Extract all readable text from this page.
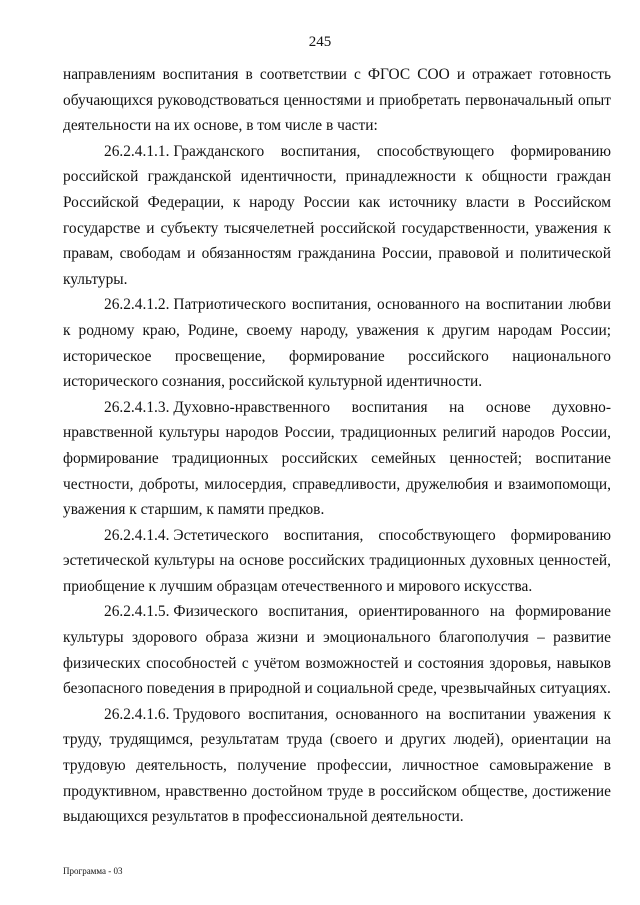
245

направлениям воспитания в соответствии с ФГОС СОО и отражает готовность обучающихся руководствоваться ценностями и приобретать первоначальный опыт деятельности на их основе, в том числе в части:

26.2.4.1.1. Гражданского воспитания, способствующего формированию российской гражданской идентичности, принадлежности к общности граждан Российской Федерации, к народу России как источнику власти в Российском государстве и субъекту тысячелетней российской государственности, уважения к правам, свободам и обязанностям гражданина России, правовой и политической культуры.

26.2.4.1.2. Патриотического воспитания, основанного на воспитании любви к родному краю, Родине, своему народу, уважения к другим народам России; историческое просвещение, формирование российского национального исторического сознания, российской культурной идентичности.

26.2.4.1.3. Духовно-нравственного воспитания на основе духовно-нравственной культуры народов России, традиционных религий народов России, формирование традиционных российских семейных ценностей; воспитание честности, доброты, милосердия, справедливости, дружелюбия и взаимопомощи, уважения к старшим, к памяти предков.

26.2.4.1.4. Эстетического воспитания, способствующего формированию эстетической культуры на основе российских традиционных духовных ценностей, приобщение к лучшим образцам отечественного и мирового искусства.

26.2.4.1.5. Физического воспитания, ориентированного на формирование культуры здорового образа жизни и эмоционального благополучия – развитие физических способностей с учётом возможностей и состояния здоровья, навыков безопасного поведения в природной и социальной среде, чрезвычайных ситуациях.

26.2.4.1.6. Трудового воспитания, основанного на воспитании уважения к труду, трудящимся, результатам труда (своего и других людей), ориентации на трудовую деятельность, получение профессии, личностное самовыражение в продуктивном, нравственно достойном труде в российском обществе, достижение выдающихся результатов в профессиональной деятельности.

Программа - 03
